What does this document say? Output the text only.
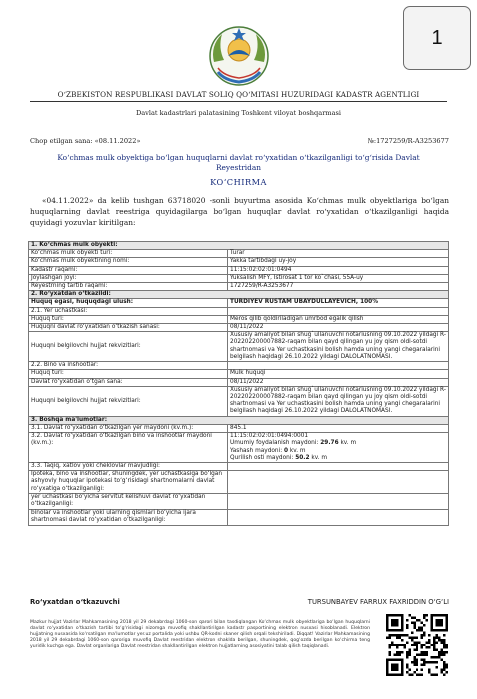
1
O‘ZBEKISTON RESPUBLIKASI DAVLAT SOLIQ QO‘MITASI HUZURIDAGI KADASTR AGENTLIGI
Davlat kadastrlari palatasining Toshkent viloyat boshqarmasi
Chop etilgan sana: «08.11.2022»	№:1727259/R-A3253677
Ko‘chmas mulk obyektiga bo‘lgan huquqlarni davlat ro‘yxatidan o‘tkazilganligi to‘g‘risida Davlat Reyestridan
KO‘CHIRMA
«04.11.2022» da kelib tushgan 63718020 -sonli buyurtma asosida Ko‘chmas mulk obyektlariga bo‘lgan huquqlarning davlat reestriga quyidagilarga bo‘lgan huquqlar davlat ro‘yxatidan o‘tkazilganligi haqida quyidagi yozuvlar kiritilgan:
1. Ko‘chmas mulk obyekti:	
Ko‘chmas mulk obyekti turi:	Turar
Ko‘chmas mulk obyektining nomi:	Yakka tartibdagi uy-joy
Kadastr raqami:	11:15:02:02:01:0494
Joylashgan joyi:	Yuksalish MFY, Istirosat 1 tor ko`chasi, 55A-uy
Reyestrning tartib raqami:	1727259/R-A3253677
2. Ro‘yxatdan o‘tkazildi:	
Huquq egasi, huquqdagi ulush:	TURDIYEV RUSTAM UBAYDULLAYEVICH, 100%
2.1. Yer uchastkasi:	
Huquq turi:	Meros qilib qoldiriladigan umrbod egalik qilish
Huquqni davlat ro‘yxatidan o‘tkazish sanasi:	08/11/2022
Huquqni belgilovchi hujjat rekvizitlari:	Xususiy amaliyot bilan shug`ullanuvchi notariusning 09.10.2022 yildagi R- 202202200007882-raqam bilan qayd qilingan yu joy qism oldi-sotdi shartnomasi va Yer uchastkasini bolish hamda uning yangi chegaralarini belgilash haqidagi 26.10.2022 yildagi DALOLATNOMASI.
2.2. Bino va inshootlar:	
Huquq turi:	Mulk huquqi
Davlat ro‘yxatidan o‘tgan sana:	08/11/2022
Huquqni belgilovchi hujjat rekvizitlari:	Xususiy amaliyot bilan shug`ullanuvchi notariusning 09.10.2022 yildagi R- 202202200007882-raqam bilan qayd qilingan yu joy qism oldi-sotdi shartnomasi va Yer uchastkasini bolish hamda uning yangi chegaralarini belgilash haqidagi 26.10.2022 yildagi DALOLATNOMASI.
3. Boshqa ma'lumotlar:	
3.1. Davlat ro‘yxatidan o‘tkazilgan yer maydoni (kv.m.):	845.1
3.2. Davlat ro‘yxatidan o‘tkazilgan bino va inshootlar maydoni (kv.m.):	11:15:02:02:01:0494:0001
Umumiy foydalanish maydoni: 29.76 kv. m
Yashash maydoni: 0 kv. m
Qurilish osti maydoni: 50.2 kv. m

3.3. Taqiq, xatlov yoki cheklovlar mavjudligi:	
Ipoteka, bino va inshootlar, shuningdek, yer uchastkasiga bo‘lgan ashyoviy huquqlar ipotekasi to‘g‘risidagi shartnomalarni davlat ro‘yxatiga o‘tkazilganligi:	
yer uchastkasi bo‘yicha servitut kelishuvi davlat ro‘yxatidan o‘tkazilganligi:	
binolar va inshootlar yoki ularning qismlari bo‘yicha ijara shartnomasi davlat ro‘yxatidan o‘tkazilganligi:	
Ro‘yxatdan o‘tkazuvchi	TURSUNBAYEV FARRUX FAXRIDDIN O‘G‘LI
Mazkur hujjat Vazirlar Mahkamasining 2018 yil 29 dekabrdagi 1060-son qarori bilan tasdiqlangan Ko‘chmas mulk obyektlariga bo‘lgan huquqlarni davlat ro‘yxatidan o‘tkazish tartibi to‘g‘risidagi nizomga muvofiq shakllantirilgan kadastr pasportining elektron nusxasi hisoblanadi. Elektron hujjatning nusxasida ko‘rsatilgan ma'lumotlar yer.uz portalida yoki ushbu QR-kodni skaner qilish orqali tekshiriladi. Diqqat! Vazirlar Mahkamasining 2018 yil 29 dekabrdagi 1060-son qaroriga muvofiq Davlat reestridan elektron shaklda berilgan, shuningdek, qog‘ozda berilgan ko‘chirma teng yuridik kuchga ega. Davlat organlariga Davlat reestridan shakllantirilgan elektron hujjatlarning asosiyatini talab qilish taqiqlanadi.
